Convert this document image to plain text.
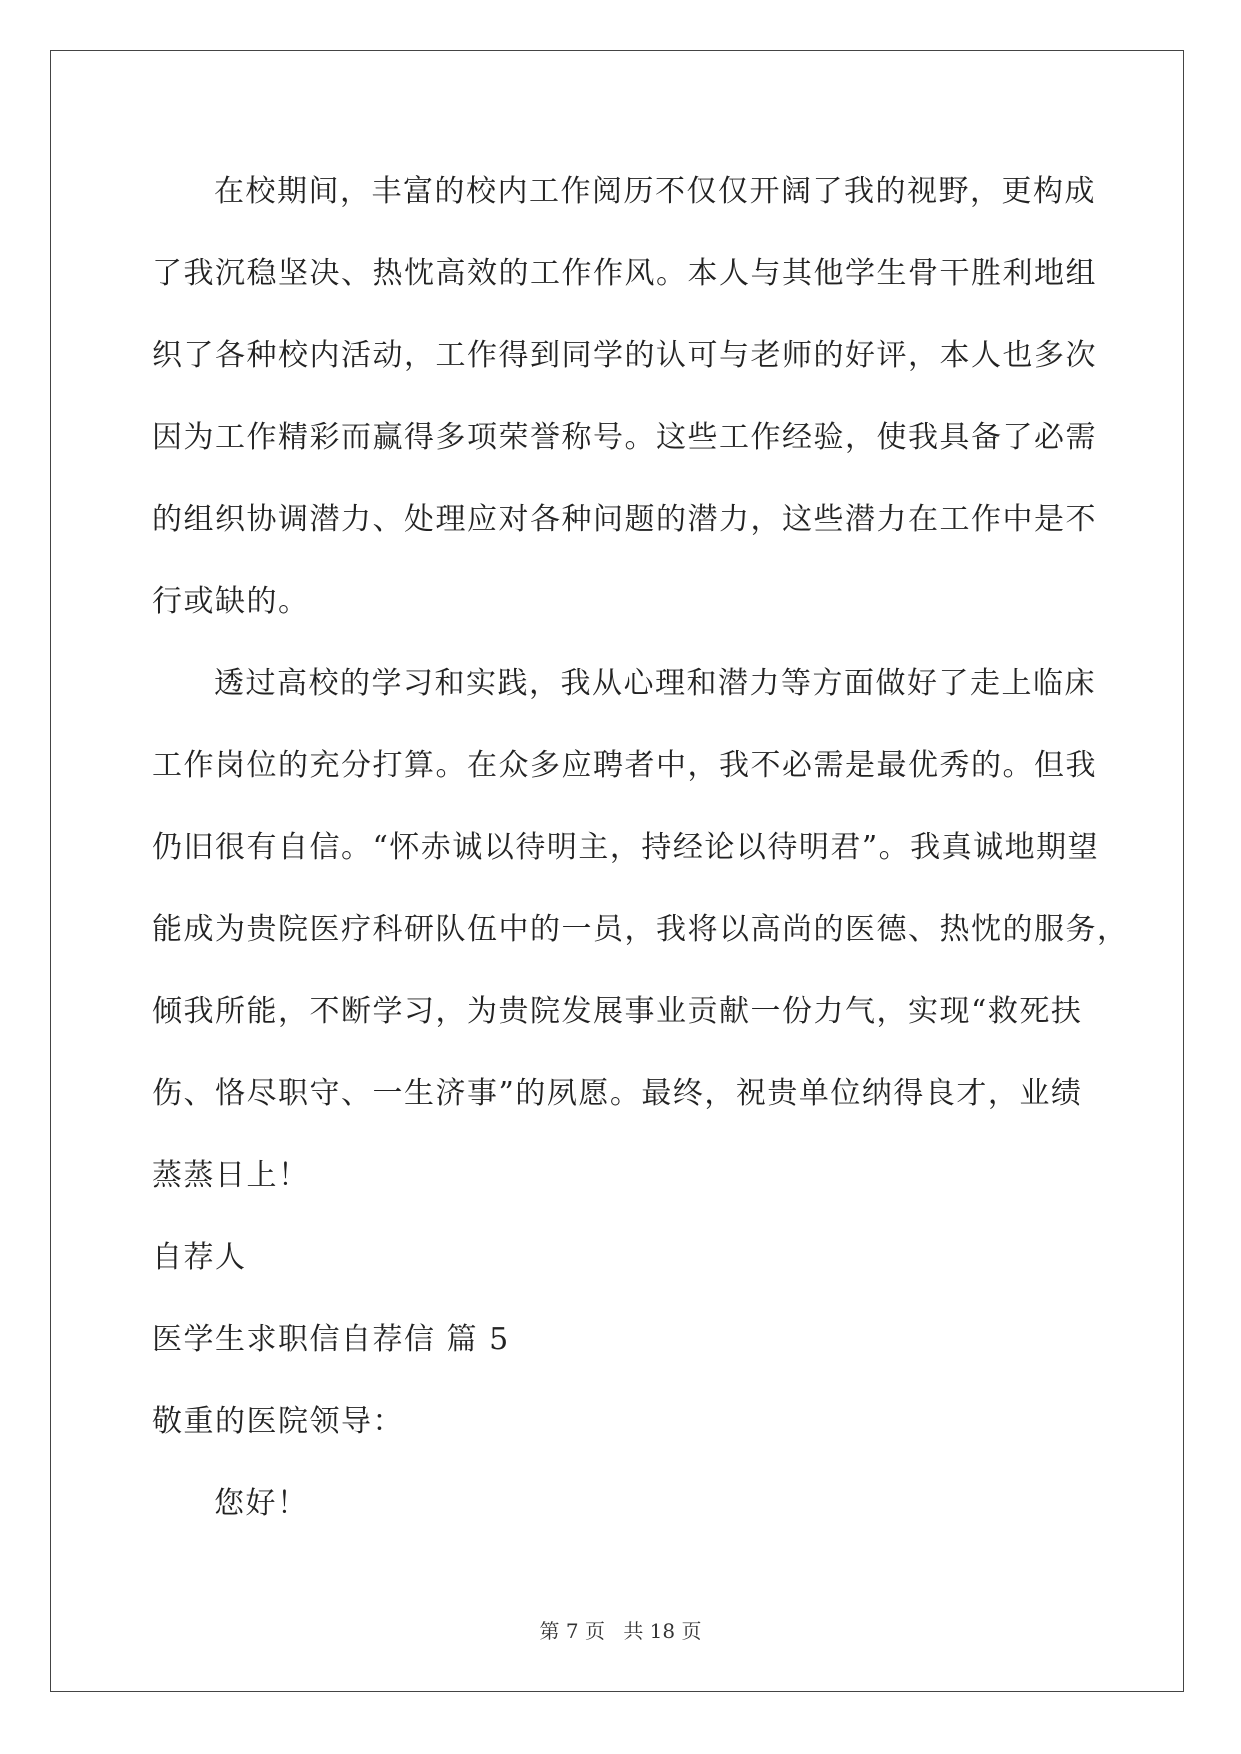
在校期间，丰富的校内工作阅历不仅仅开阔了我的视野，更构成
了我沉稳坚决、热忱高效的工作作风。本人与其他学生骨干胜利地组
织了各种校内活动，工作得到同学的认可与老师的好评，本人也多次
因为工作精彩而赢得多项荣誉称号。这些工作经验，使我具备了必需
的组织协调潜力、处理应对各种问题的潜力，这些潜力在工作中是不
行或缺的。
透过高校的学习和实践，我从心理和潜力等方面做好了走上临床
工作岗位的充分打算。在众多应聘者中，我不必需是最优秀的。但我
仍旧很有自信。“怀赤诚以待明主，持经论以待明君”。我真诚地期望
能成为贵院医疗科研队伍中的一员，我将以高尚的医德、热忱的服务，
倾我所能，不断学习，为贵院发展事业贡献一份力气，实现“救死扶
伤、恪尽职守、一生济事”的夙愿。最终，祝贵单位纳得良才，业绩
蒸蒸日上！
自荐人
医学生求职信自荐信 篇 5
敬重的医院领导：
您好！
第 7 页 共 18 页
